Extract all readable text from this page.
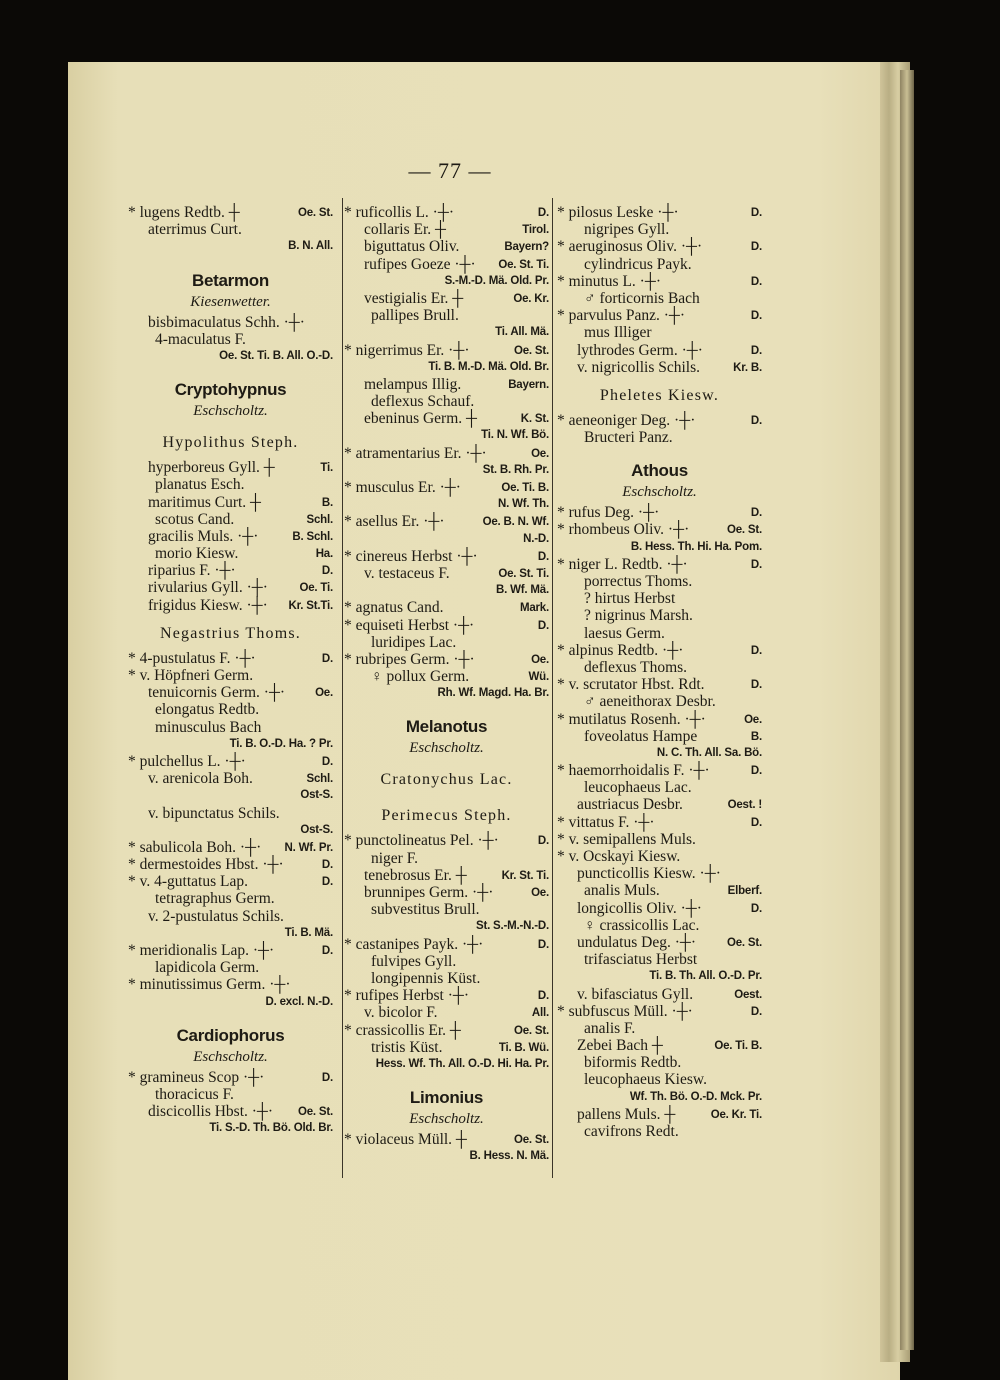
— 77 —
* lugens Redtb. ┼	Oe. St.
aterrimus Curt.
B. N. All.
Betarmon
Kiesenwetter.
bisbimaculatus Schh. ·┼·
4-maculatus F.
Oe. St. Ti. B. All. O.-D.
Cryptohypnus
Eschscholtz.
Hypolithus Steph.
hyperboreus Gyll. ┼	Ti.
planatus Esch.
maritimus Curt. ┼	B.
scotus Cand.	Schl.
gracilis Muls. ·┼·	B. Schl.
morio Kiesw.	Ha.
riparius F. ·┼·	D.
rivularius Gyll. ·┼·	Oe. Ti.
frigidus Kiesw. ·┼· Kr. St.Ti.
Negastrius Thoms.
* 4-pustulatus F. ·┼·	D.
* v. Höpfneri Germ.
tenuicornis Germ. ·┼·	Oe.
elongatus Redtb.
minusculus Bach
Ti. B. O.-D. Ha. ? Pr.
* pulchellus L. ·┼·	D.
v. arenicola Boh.	Schl.
Ost-S.
v. bipunctatus Schils.
Ost-S.
* sabulicola Boh. ·┼· N. Wf. Pr.
* dermestoides Hbst. ·┼·	D.
* v. 4-guttatus Lap.	D.
tetragraphus Germ.
v. 2-pustulatus Schils.
Ti. B. Mä.
* meridionalis Lap. ·┼·	D.
lapidicola Germ.
* minutissimus Germ. ·┼·
D. excl. N.-D.
Cardiophorus
Eschscholtz.
* gramineus Scop ·┼·	D.
thoracicus F.
discicollis Hbst. ·┼· Oe. St.
Ti. S.-D. Th. Bö. Old. Br.
* ruficollis L. ·┼·	D.
collaris Er. ┼	Tirol.
biguttatus Oliv.	Bayern?
rufipes Goeze ·┼· Oe. St. Ti.
S.-M.-D. Mä. Old. Pr.
vestigialis Er. ┼	Oe. Kr.
pallipes Brull.
Ti. All. Mä.
* nigerrimus Er. ·┼·	Oe. St.
Ti. B. M.-D. Mä. Old. Br.
melampus Illig.	Bayern.
deflexus Schauf.
ebeninus Germ. ┼	K. St.
Ti. N. Wf. Bö.
* atramentarius Er. ·┼·	Oe.
St. B. Rh. Pr.
* musculus Er. ·┼·	Oe. Ti. B.
N. Wf. Th.
* asellus Er. ·┼·	Oe. B. N. Wf.
N.-D.
* cinereus Herbst ·┼·	D.
v. testaceus F.	Oe. St. Ti.
B. Wf. Mä.
* agnatus Cand.	Mark.
* equiseti Herbst ·┼·	D.
luridipes Lac.
* rubripes Germ. ·┼·	Oe.
♀ pollux Germ.	Wü.
Rh. Wf. Magd. Ha. Br.
Melanotus
Eschscholtz.
Cratonychus Lac.
Perimecus Steph.
* punctolineatus Pel. ·┼·	D.
niger F.
tenebrosus Er. ┼	Kr. St. Ti.
brunnipes Germ. ·┼·	Oe.
subvestitus Brull.
St. S.-M.-N.-D.
* castanipes Payk. ·┼·	D.
fulvipes Gyll.
longipennis Küst.
* rufipes Herbst ·┼·	D.
v. bicolor F.	All.
* crassicollis Er. ┼	Oe. St.
tristis Küst.	Ti. B. Wü.
Hess. Wf. Th. All. O.-D. Hi. Ha. Pr.
Limonius
Eschscholtz.
* violaceus Müll. ┼	Oe. St.
B. Hess. N. Mä.
* pilosus Leske ·┼·	D.
nigripes Gyll.
* aeruginosus Oliv. ·┼·	D.
cylindricus Payk.
* minutus L. ·┼·	D.
♂ forticornis Bach
* parvulus Panz. ·┼·	D.
mus Illiger
lythrodes Germ. ·┼·	D.
v. nigricollis Schils.	Kr. B.
Pheletes Kiesw.
* aeneoniger Deg. ·┼·	D.
Bructeri Panz.
Athous
Eschscholtz.
* rufus Deg. ·┼·	D.
* rhombeus Oliv. ·┼·	Oe. St.
B. Hess. Th. Hi. Ha. Pom.
* niger L. Redtb. ·┼·	D.
porrectus Thoms.
? hirtus Herbst
? nigrinus Marsh.
laesus Germ.
* alpinus Redtb. ·┼·	D.
deflexus Thoms.
* v. scrutator Hbst. Rdt.	D.
♂ aeneithorax Desbr.
* mutilatus Rosenh. ·┼·	Oe.
foveolatus Hampe	B.
N. C. Th. All. Sa. Bö.
* haemorrhoidalis F. ·┼·	D.
leucophaeus Lac.
austriacus Desbr.	Oest. !
* vittatus F. ·┼·	D.
* v. semipallens Muls.
* v. Ocskayi Kiesw.
puncticollis Kiesw. ·┼·
analis Muls.	Elberf.
longicollis Oliv. ·┼·	D.
♀ crassicollis Lac.
undulatus Deg. ·┼·	Oe. St.
trifasciatus Herbst
Ti. B. Th. All. O.-D. Pr.
v. bifasciatus Gyll.	Oest.
* subfuscus Müll. ·┼·	D.
analis F.
Zebei Bach ┼	Oe. Ti. B.
biformis Redtb.
leucophaeus Kiesw.
Wf. Th. Bö. O.-D. Mck. Pr.
pallens Muls. ┼	Oe. Kr. Ti.
cavifrons Redt.
